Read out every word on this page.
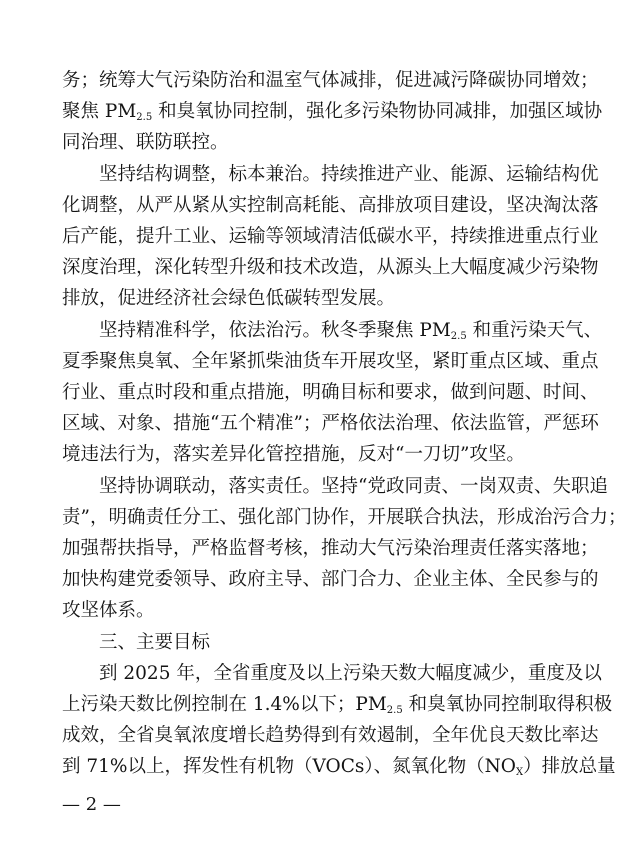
务；统筹大气污染防治和温室气体减排，促进减污降碳协同增效；
聚焦 $PM_{2.5}$ 和臭氧协同控制，强化多污染物协同减排，加强区域协
同治理、联防联控。
坚持结构调整，标本兼治。持续推进产业、能源、运输结构优
化调整，从严从紧从实控制高耗能、高排放项目建设，坚决淘汰落
后产能，提升工业、运输等领域清洁低碳水平，持续推进重点行业
深度治理，深化转型升级和技术改造，从源头上大幅度减少污染物
排放，促进经济社会绿色低碳转型发展。
坚持精准科学，依法治污。秋冬季聚焦 $PM_{2.5}$ 和重污染天气、
夏季聚焦臭氧、全年紧抓柴油货车开展攻坚，紧盯重点区域、重点
行业、重点时段和重点措施，明确目标和要求，做到问题、时间、
区域、对象、措施“五个精准”；严格依法治理、依法监管，严惩环
境违法行为，落实差异化管控措施，反对“一刀切”攻坚。
坚持协调联动，落实责任。坚持“党政同责、一岗双责、失职追
责”，明确责任分工、强化部门协作，开展联合执法，形成治污合力；
加强帮扶指导，严格监督考核，推动大气污染治理责任落实落地；
加快构建党委领导、政府主导、部门合力、企业主体、全民参与的
攻坚体系。
三、主要目标
到 2025 年，全省重度及以上污染天数大幅度减少，重度及以
上污染天数比例控制在 1.4%以下；$PM_{2.5}$ 和臭氧协同控制取得积极
成效，全省臭氧浓度增长趋势得到有效遏制，全年优良天数比率达
到 71%以上，挥发性有机物（VOCs）、氮氧化物$(NO_X)$排放总量
— 2 —
